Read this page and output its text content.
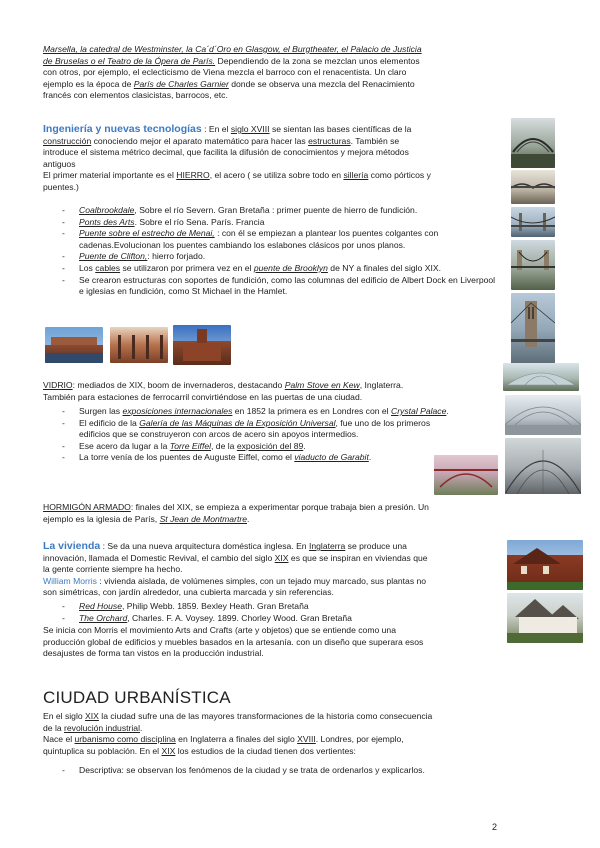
Marsella, la catedral de Westminster, la Ca´d´Oro en Glasgow, el Burgtheater, el Palacio de Justicia
de Bruselas o el Teatro de la Ópera de París. Dependiendo de la zona se mezclan unos elementos
con otros, por ejemplo, el eclecticismo de Viena mezcla el barroco con el renacentista. Un claro
ejemplo es la época de París de Charles Garnier donde se observa una mezcla del Renacimiento
francés con elementos clasicistas, barrocos, etc.

Ingeniería y nuevas tecnologías : En el siglo XVIII se sientan las bases científicas de la
construcción conociendo mejor el aparato matemático para hacer las estructuras. También se
introduce el sistema métrico decimal, que facilita la difusión de conocimientos y mejora métodos
antiguos
El primer material importante es el HIERRO, el acero ( se utiliza sobre todo en sillería como pórticos y
puentes.)

- Coalbrookdale, Sobre el río Severn. Gran Bretaña : primer puente de hierro de fundición.
- Ponts des Arts. Sobre el río Sena. París. Francia
- Puente sobre el estrecho de Menai, : con él se empiezan a plantear los puentes colgantes con cadenas.Evolucionan los puentes cambiando los eslabones clásicos por unos planos.
- Puente de Clifton,: hierro forjado.
- Los cables se utilizaron por primera vez en el puente de Brooklyn de NY a finales del siglo XIX.
- Se crearon estructuras con soportes de fundición, como las columnas del edificio de Albert Dock en Liverpool e iglesias en fundición, como St Michael in the Hamlet.

VIDRIO: mediados de XIX, boom de invernaderos, destacando Palm Stove en Kew, Inglaterra.
También para estaciones de ferrocarril convirtiéndose en las puertas de una ciudad.

- Surgen las exposiciones internacionales en 1852 la primera es en Londres con el Crystal Palace.
- El edificio de la Galería de las Máquinas de la Exposición Universal, fue uno de los primeros edificios que se construyeron con arcos de acero sin apoyos intermedios.
- Ese acero da lugar a la Torre Eiffel, de la exposición del 89.
- La torre venía de los puentes de Auguste Eiffel, como el viaducto de Garabit.

HORMIGÓN ARMADO: finales del XIX, se empieza a experimentar porque trabaja bien a presión. Un
ejemplo es la iglesia de París, St Jean de Montmartre.

La vivienda : Se da una nueva arquitectura doméstica inglesa. En Inglaterra se produce una
innovación, llamada el Domestic Revival, el cambio del siglo XIX es que se inspiran en viviendas que
la gente corriente siempre ha hecho.
William Morris : vivienda aislada, de volúmenes simples, con un tejado muy marcado, sus plantas no
son simétricas, con jardín alrededor, una cubierta marcada y sin referencias.

- Red House, Philip Webb. 1859. Bexley Heath. Gran Bretaña
- The Orchard, Charles. F. A. Voysey. 1899. Chorley Wood. Gran Bretaña

Se inicia con Morris el movimiento Arts and Crafts (arte y objetos) que se entiende como una
producción global de edificios y muebles basados en la artesanía. con un diseño que superara esos
desajustes de forma tan vistos en la producción industrial.

CIUDAD URBANÍSTICA

En el siglo XIX la ciudad sufre una de las mayores transformaciones de la historia como consecuencia
de la revolución industrial.
Nace el urbanismo como disciplina en Inglaterra a finales del siglo XVIII. Londres, por ejemplo,
quintuplica su población. En el XIX los estudios de la ciudad tienen dos vertientes:

- Descriptiva: se observan los fenómenos de la ciudad y se trata de ordenarlos y explicarlos.
2
